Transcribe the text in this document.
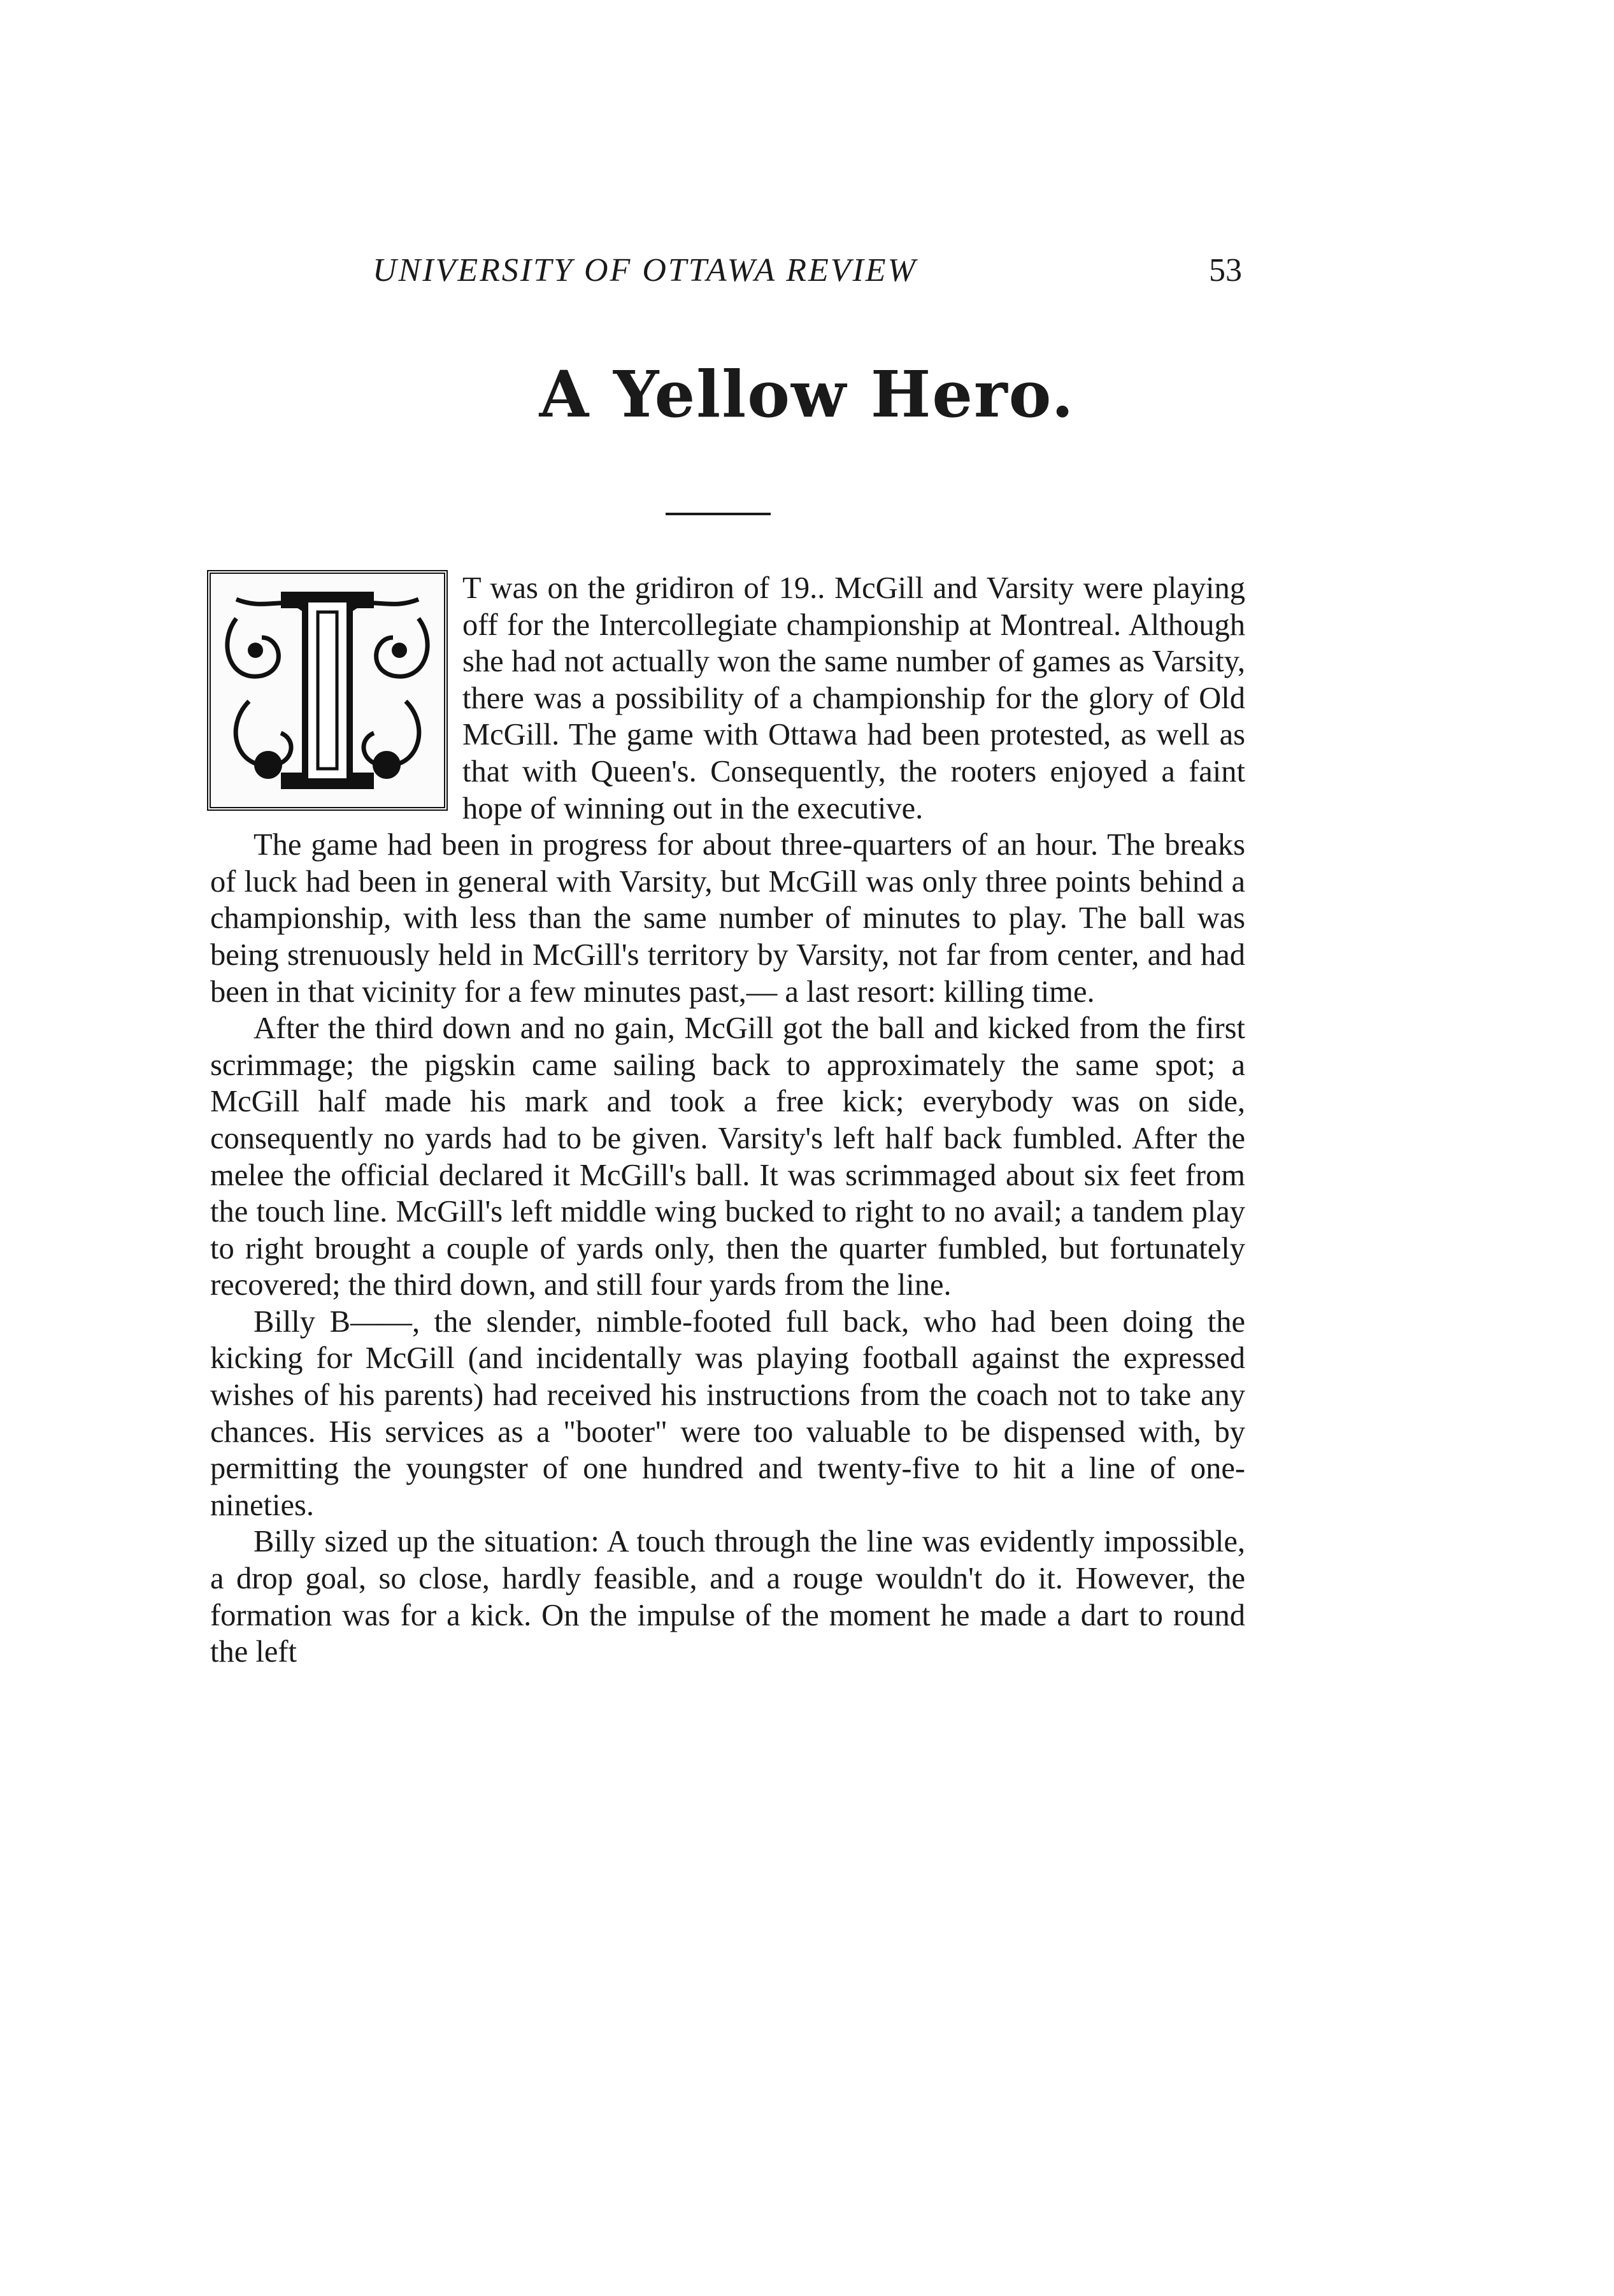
UNIVERSITY OF OTTAWA REVIEW	53
A Yellow Hero.

T was on the gridiron of 19.. McGill and Varsity were playing off for the Intercollegiate championship at Montreal. Although she had not actually won the same number of games as Varsity, there was a possibility of a championship for the glory of Old McGill. The game with Ottawa had been protested, as well as that with Queen's. Consequently, the rooters enjoyed a faint hope of winning out in the executive.

The game had been in progress for about three-quarters of an hour. The breaks of luck had been in general with Varsity, but McGill was only three points behind a championship, with less than the same number of minutes to play. The ball was being strenuously held in McGill's territory by Varsity, not far from center, and had been in that vicinity for a few minutes past,— a last resort: killing time.

After the third down and no gain, McGill got the ball and kicked from the first scrimmage; the pigskin came sailing back to approximately the same spot; a McGill half made his mark and took a free kick; everybody was on side, consequently no yards had to be given. Varsity's left half back fumbled. After the melee the official declared it McGill's ball. It was scrimmaged about six feet from the touch line. McGill's left middle wing bucked to right to no avail; a tandem play to right brought a couple of yards only, then the quarter fumbled, but fortunately recovered; the third down, and still four yards from the line.

Billy B——, the slender, nimble-footed full back, who had been doing the kicking for McGill (and incidentally was playing football against the expressed wishes of his parents) had received his instructions from the coach not to take any chances. His services as a "booter" were too valuable to be dispensed with, by permitting the youngster of one hundred and twenty-five to hit a line of one-nineties.

Billy sized up the situation: A touch through the line was evidently impossible, a drop goal, so close, hardly feasible, and a rouge wouldn't do it. However, the formation was for a kick. On the impulse of the moment he made a dart to round the left
